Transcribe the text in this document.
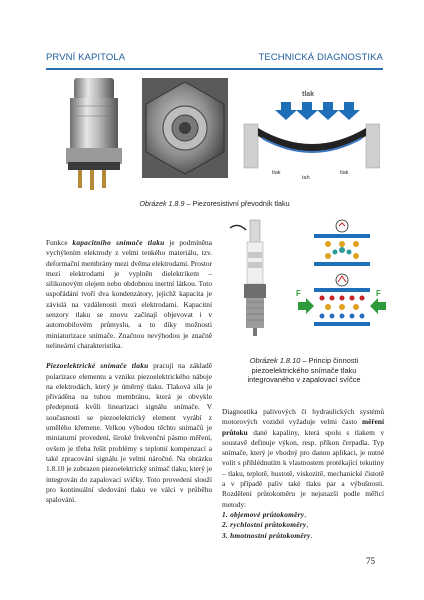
PRVNÍ KAPITOLA	TECHNICKÁ DIAGNOSTIKA
tlak
tlak
tah
tlak
Obrázek 1.8.9 – Piezoresistivní převodník tlaku
F	F
Obrázek 1.8.10 – Princip činnosti
piezoelektrického snímače tlaku
integrovaného v zapalovací svíčce

Funkce kapacitního snímače tlaku je podmíněna vychýlením elektrody z velmi tenkého materiálu, tzv. deformační membrány mezi dvěma elektrodami. Prostor mezi elektrodami je vyplněn dielektrikem – silikonovým olejem nebo obdobnou inertní látkou. Toto uspořádání tvoří dva kondenzátory, jejichž kapacita je závislá na vzdálenosti mezi elektrodami. Kapacitní senzory tlaku se znovu začínají objevovat i v automobilovém průmyslu, a to díky možnosti miniaturizace snímače. Značnou nevýhodou je značně nelineární charakteristika.

Piezoelektrické snímače tlaku pracují na základě polarizace elementu a vzniku piezoelektrického náboje na elektrodách, který je úměrný tlaku. Tlaková síla je přiváděna na tuhou membránu, která je obvykle předepnutá kvůli linearizaci signálu snímače. V současnosti se piezoelektrický element vyrábí z umělého křemene. Velkou výhodou těchto snímačů je miniaturní provedení, široké frekvenční pásmo měření, ovšem je třeba řešit problémy s teplotní kompenzací a také zpracování signálu je velmi náročné. Na obrázku 1.8.10 je zobrazen piezoelektrický snímač tlaku, který je integrován do zapalovací svíčky. Toto provedení slouží pro kontinuální sledování tlaku ve válci v průběhu spalování.

Diagnostika palivových či hydraulických systémů motorových vozidel vyžaduje velmi často měření průtoku dané kapaliny, která spolu s tlakem v soustavě definuje výkon, resp. příkon čerpadla. Typ snímače, který je vhodný pro danou aplikaci, je nutné volit s přihlédnutím k vlastnostem protékající tekutiny – tlaku, teplotě, hustotě, viskozitě, mechanické čistotě a v případě paliv také tlaku par a výbušnosti. Rozdělení průtokoměru je nejsnazší podle měřicí metody:

1. objemové průtokoměry,
2. rychlostní průtokoměry,
3. hmotnostní průtokoměry.
75
